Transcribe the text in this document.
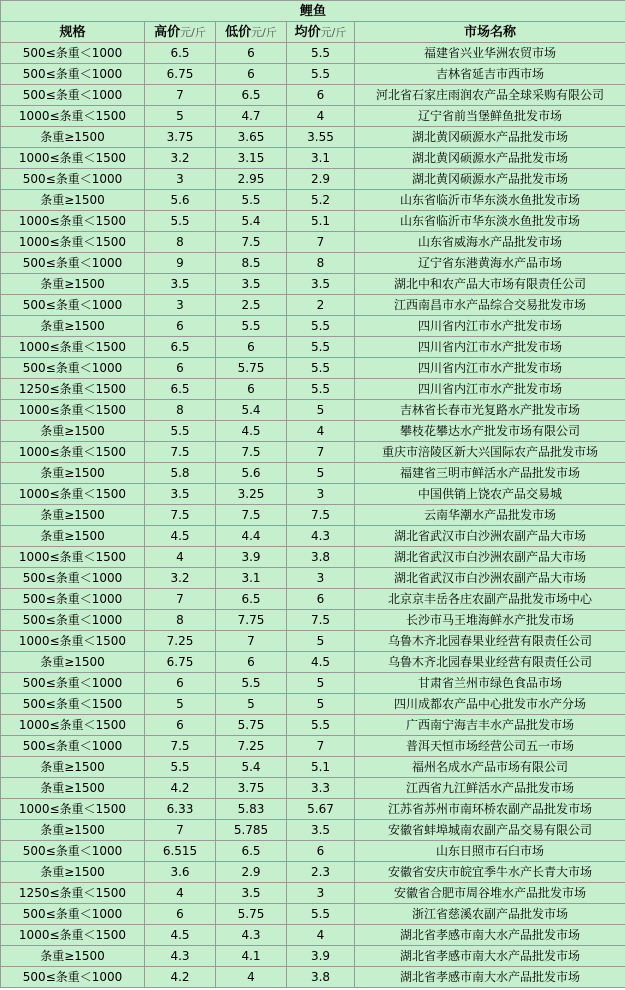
鲤鱼				
规格	高价元/斤	低价元/斤	均价元/斤	市场名称
500≤条重＜1000	6.5	6	5.5	福建省兴业华洲农贸市场
500≤条重＜1000	6.75	6	5.5	吉林省延吉市西市场
500≤条重＜1000	7	6.5	6	河北省石家庄雨润农产品全球采购有限公司
1000≤条重＜1500	5	4.7	4	辽宁省前当堡鲜鱼批发市场
条重≥1500	3.75	3.65	3.55	湖北黄冈硕源水产品批发市场
1000≤条重＜1500	3.2	3.15	3.1	湖北黄冈硕源水产品批发市场
500≤条重＜1000	3	2.95	2.9	湖北黄冈硕源水产品批发市场
条重≥1500	5.6	5.5	5.2	山东省临沂市华东淡水鱼批发市场
1000≤条重＜1500	5.5	5.4	5.1	山东省临沂市华东淡水鱼批发市场
1000≤条重＜1500	8	7.5	7	山东省威海水产品批发市场
500≤条重＜1000	9	8.5	8	辽宁省东港黄海水产品市场
条重≥1500	3.5	3.5	3.5	湖北中和农产品大市场有限责任公司
500≤条重＜1000	3	2.5	2	江西南昌市水产品综合交易批发市场
条重≥1500	6	5.5	5.5	四川省内江市水产批发市场
1000≤条重＜1500	6.5	6	5.5	四川省内江市水产批发市场
500≤条重＜1000	6	5.75	5.5	四川省内江市水产批发市场
1250≤条重＜1500	6.5	6	5.5	四川省内江市水产批发市场
1000≤条重＜1500	8	5.4	5	吉林省长春市光复路水产批发市场
条重≥1500	5.5	4.5	4	攀枝花攀达水产批发市场有限公司
1000≤条重＜1500	7.5	7.5	7	重庆市涪陵区新大兴国际农产品批发市场
条重≥1500	5.8	5.6	5	福建省三明市鲜活水产品批发市场
1000≤条重＜1500	3.5	3.25	3	中国供销上饶农产品交易城
条重≥1500	7.5	7.5	7.5	云南华潮水产品批发市场
条重≥1500	4.5	4.4	4.3	湖北省武汉市白沙洲农副产品大市场
1000≤条重＜1500	4	3.9	3.8	湖北省武汉市白沙洲农副产品大市场
500≤条重＜1000	3.2	3.1	3	湖北省武汉市白沙洲农副产品大市场
500≤条重＜1000	7	6.5	6	北京京丰岳各庄农副产品批发市场中心
500≤条重＜1000	8	7.75	7.5	长沙市马王堆海鲜水产批发市场
1000≤条重＜1500	7.25	7	5	乌鲁木齐北园春果业经营有限责任公司
条重≥1500	6.75	6	4.5	乌鲁木齐北园春果业经营有限责任公司
500≤条重＜1000	6	5.5	5	甘肃省兰州市绿色食品市场
500≤条重＜1500	5	5	5	四川成都农产品中心批发市水产分场
1000≤条重＜1500	6	5.75	5.5	广西南宁海吉丰水产品批发市场
500≤条重＜1000	7.5	7.25	7	普洱天恒市场经营公司五一市场
条重≥1500	5.5	5.4	5.1	福州名成水产品市场有限公司
条重≥1500	4.2	3.75	3.3	江西省九江鲜活水产品批发市场
1000≤条重＜1500	6.33	5.83	5.67	江苏省苏州市南环桥农副产品批发市场
条重≥1500	7	5.785	3.5	安徽省蚌埠城南农副产品交易有限公司
500≤条重＜1000	6.515	6.5	6	山东日照市石臼市场
条重≥1500	3.6	2.9	2.3	安徽省安庆市皖宜季牛水产长青大市场
1250≤条重＜1500	4	3.5	3	安徽省合肥市周谷堆水产品批发市场
500≤条重＜1000	6	5.75	5.5	浙江省慈溪农副产品批发市场
1000≤条重＜1500	4.5	4.3	4	湖北省孝感市南大水产品批发市场
条重≥1500	4.3	4.1	3.9	湖北省孝感市南大水产品批发市场
500≤条重＜1000	4.2	4	3.8	湖北省孝感市南大水产品批发市场
